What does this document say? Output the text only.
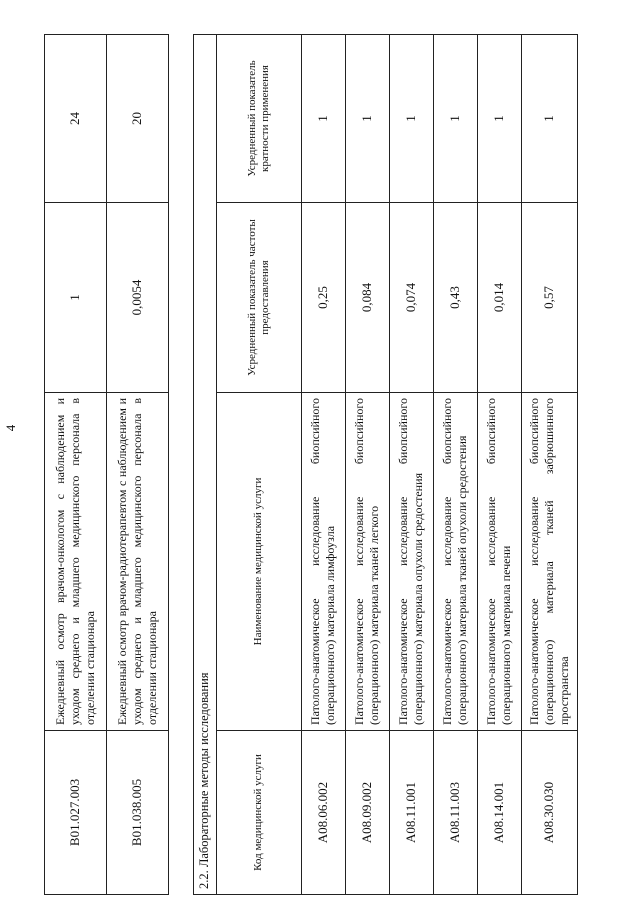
4
B01.027.003	Ежедневный осмотр врачом-онкологом с наблюдением и уходом среднего и младшего медицинского персонала в отделении стационара	1	24
B01.038.005	Ежедневный осмотр врачом-радиотерапевтом с наблюдением и уходом среднего и младшего медицинского персонала в отделении стационара	0,0054	20
2.2. Лабораторные методы исследования			
Код медицинской услуги	Наименование медицинской услуги	Усредненный показатель частоты предоставления	Усредненный показатель кратности применения
A08.06.002	Патолого-анатомическое исследование биопсийного (операционного) материала лимфоузла	0,25	1
A08.09.002	Патолого-анатомическое исследование биопсийного (операционного) материала тканей легкого	0,084	1
A08.11.001	Патолого-анатомическое исследование биопсийного (операционного) материала опухоли средостения	0,074	1
A08.11.003	Патолого-анатомическое исследование биопсийного (операционного) материала тканей опухоли средостения	0,43	1
A08.14.001	Патолого-анатомическое исследование биопсийного (операционного) материала печени	0,014	1
A08.30.030	Патолого-анатомическое исследование биопсийного (операционного) материала тканей забрюшинного пространства	0,57	1
